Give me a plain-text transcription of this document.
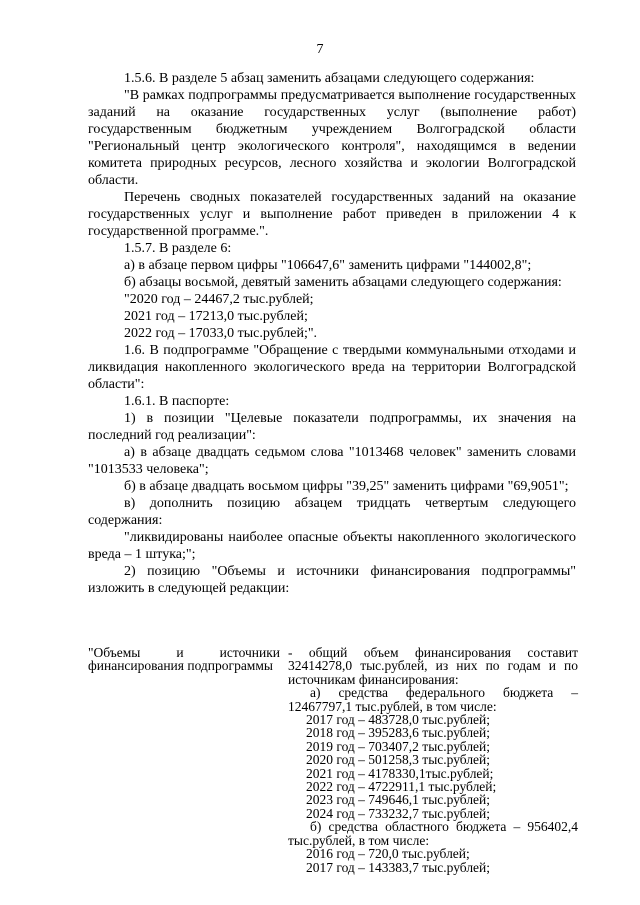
7

1.5.6. В разделе 5 абзац заменить абзацами следующего содержания:

"В рамках подпрограммы предусматривается выполнение государственных заданий на оказание государственных услуг (выполнение работ) государственным бюджетным учреждением Волгоградской области "Региональный центр экологического контроля", находящимся в ведении комитета природных ресурсов, лесного хозяйства и экологии Волгоградской области.

Перечень сводных показателей государственных заданий на оказание государственных услуг и выполнение работ приведен в приложении 4 к государственной программе.".

1.5.7. В разделе 6:

а) в абзаце первом цифры "106647,6" заменить цифрами "144002,8";

б) абзацы восьмой, девятый заменить абзацами следующего содержания:

"2020 год – 24467,2 тыс.рублей;

2021 год – 17213,0 тыс.рублей;

2022 год – 17033,0 тыс.рублей;".

1.6. В подпрограмме "Обращение с твердыми коммунальными отходами и ликвидация накопленного экологического вреда на территории Волгоградской области":

1.6.1. В паспорте:

1) в позиции "Целевые показатели подпрограммы, их значения на последний год реализации":

а) в абзаце двадцать седьмом слова "1013468 человек" заменить словами "1013533 человека";

б) в абзаце двадцать восьмом цифры "39,25" заменить цифрами "69,9051";

в) дополнить позицию абзацем тридцать четвертым следующего содержания:

"ликвидированы наиболее опасные объекты накопленного экологического вреда – 1 штука;";

2) позицию "Объемы и источники финансирования подпрограммы" изложить в следующей редакции:

"Объемы и источники финансирования подпрограммы

- общий объем финансирования составит 32414278,0 тыс.рублей, из них по годам и по источникам финансирования:

а) средства федерального бюджета – 12467797,1 тыс.рублей, в том числе:

2017 год – 483728,0 тыс.рублей;

2018 год – 395283,6 тыс.рублей;

2019 год – 703407,2 тыс.рублей;

2020 год – 501258,3 тыс.рублей;

2021 год – 4178330,1тыс.рублей;

2022 год – 4722911,1 тыс.рублей;

2023 год – 749646,1 тыс.рублей;

2024 год – 733232,7 тыс.рублей;

б) средства областного бюджета – 956402,4 тыс.рублей, в том числе:

2016 год – 720,0 тыс.рублей;

2017 год – 143383,7 тыс.рублей;
